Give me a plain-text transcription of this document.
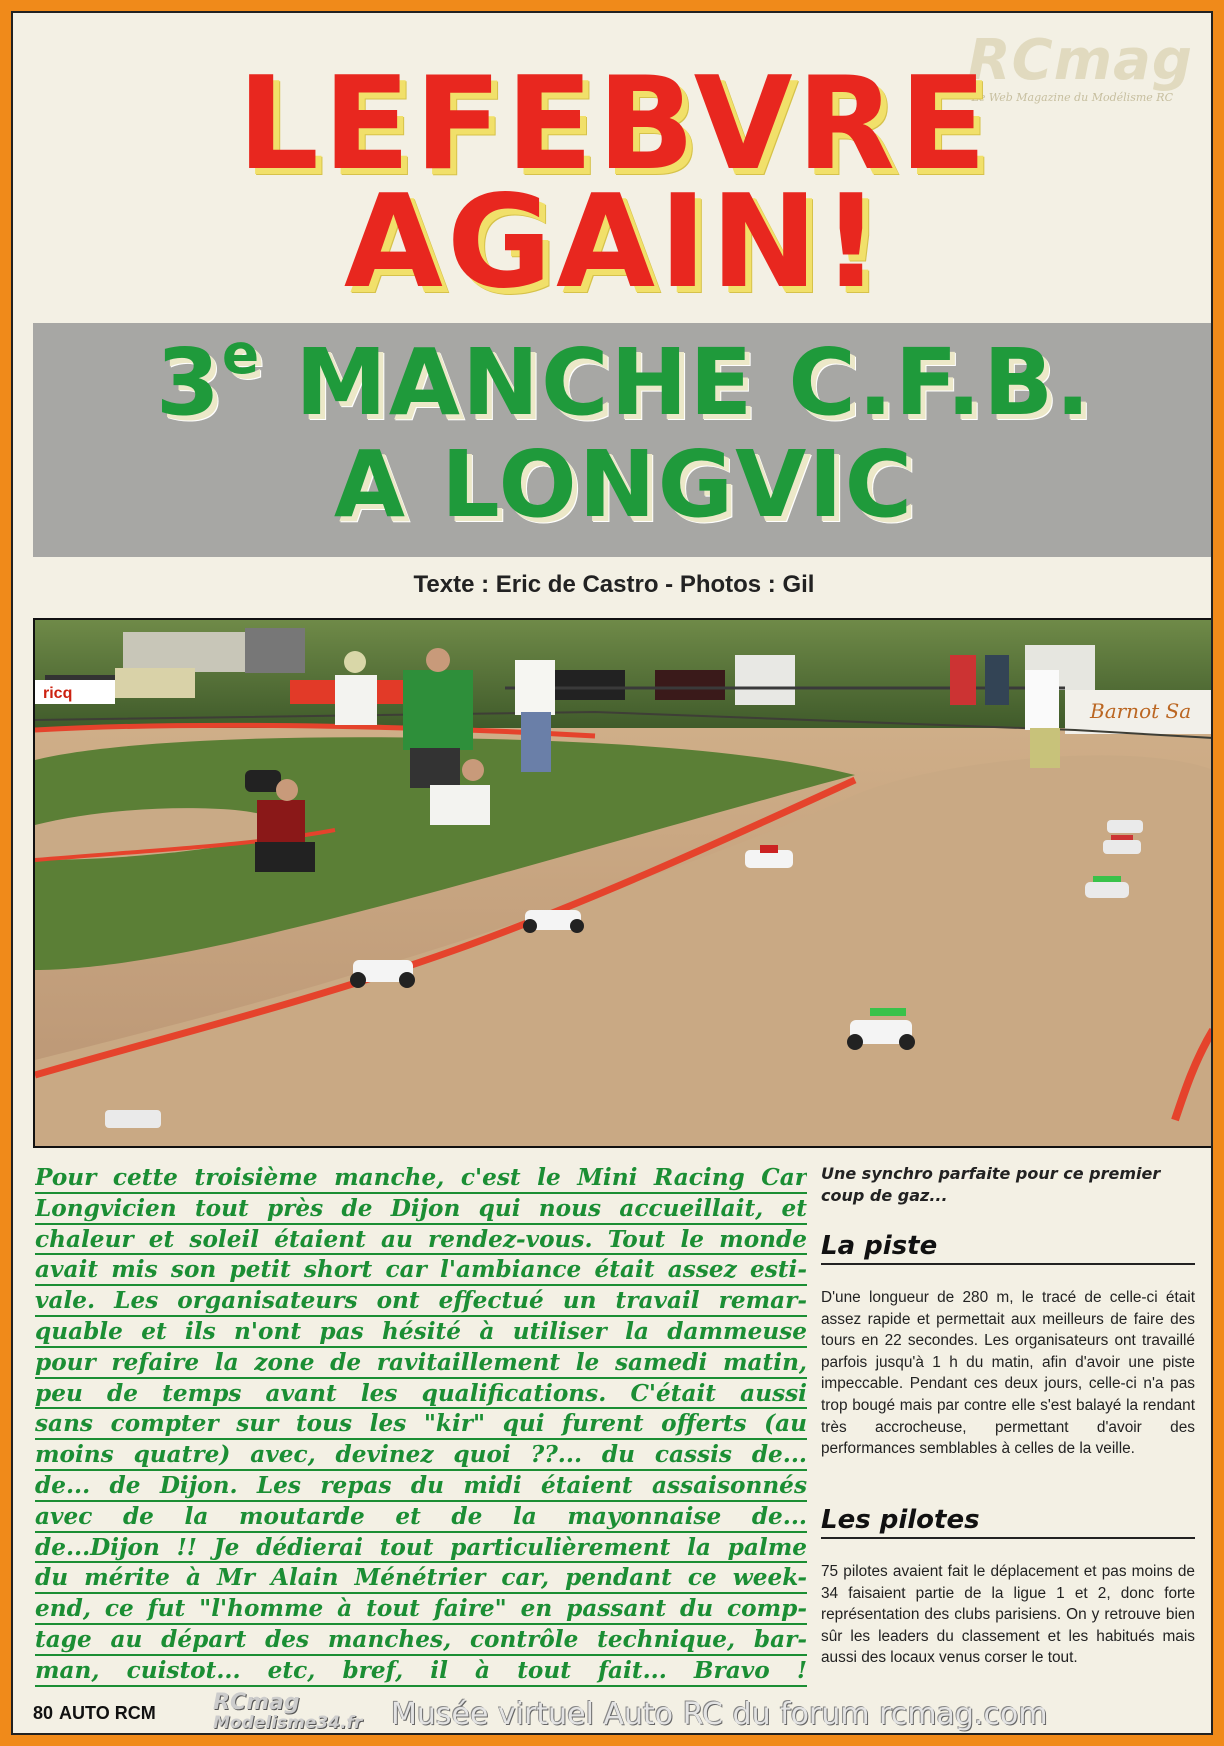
RCmag
Le Web Magazine du Modélisme RC
LEFEBVRE
AGAIN!
3e MANCHE C.F.B.
A LONGVIC
Texte : Eric de Castro - Photos : Gil
ricq
Barnot Sa
Pour cette troisième manche, c'est le Mini Racing Car
Longvicien tout près de Dijon qui nous accueillait, et
chaleur et soleil étaient au rendez-vous. Tout le monde
avait mis son petit short car l'ambiance était assez esti-
vale. Les organisateurs ont effectué un travail remar-
quable et ils n'ont pas hésité à utiliser la dammeuse
pour refaire la zone de ravitaillement le samedi matin,
peu de temps avant les qualifications. C'était aussi
sans compter sur tous les "kir" qui furent offerts (au
moins quatre) avec, devinez quoi ??... du cassis de...
de... de Dijon. Les repas du midi étaient assaisonnés
avec de la moutarde et de la mayonnaise de...
de...Dijon !! Je dédierai tout particulièrement la palme
du mérite à Mr Alain Ménétrier car, pendant ce week-
end, ce fut "l'homme à tout faire" en passant du comp-
tage au départ des manches, contrôle technique, bar-
man, cuistot... etc, bref, il à tout fait... Bravo !
Une synchro parfaite pour ce premier coup de gaz...
La piste
D'une longueur de 280 m, le tracé de celle-ci était assez rapide et permettait aux meilleurs de faire des tours en 22 secondes. Les organisateurs ont travaillé parfois jusqu'à 1 h du matin, afin d'avoir une piste impeccable. Pendant ces deux jours, celle-ci n'a pas trop bougé mais par contre elle s'est balayé la rendant très accrocheuse, permettant d'avoir des performances semblables à celles de la veille.
Les pilotes
75 pilotes avaient fait le déplacement et pas moins de 34 faisaient partie de la ligue 1 et 2, donc forte représentation des clubs parisiens. On y retrouve bien sûr les leaders du classement et les habitués mais aussi des locaux venus corser le tout.
80 AUTO RCM	RCmag
Modelisme34.fr Musée virtuel Auto RC du forum rcmag.com
